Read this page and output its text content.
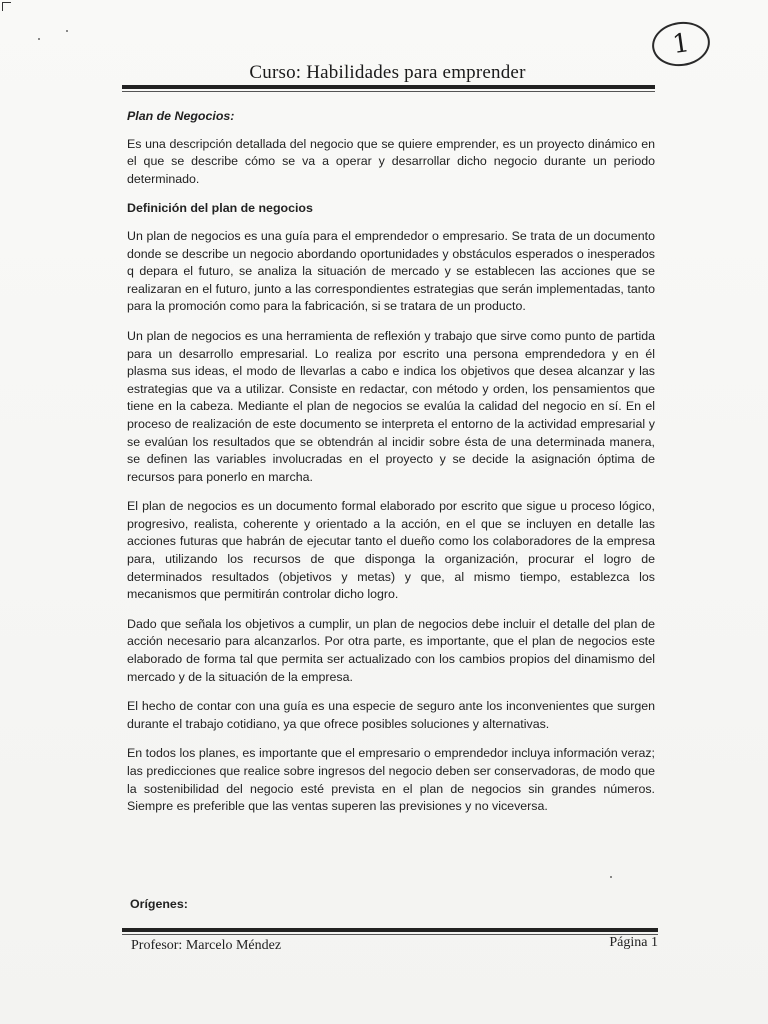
1
Curso: Habilidades para emprender
Plan de Negocios:

Es una descripción detallada del negocio que se quiere emprender, es un proyecto dinámico en el que se describe cómo se va a operar y desarrollar dicho negocio durante un periodo determinado.

Definición del plan de negocios

Un plan de negocios es una guía para el emprendedor o empresario. Se trata de un documento donde se describe un negocio abordando oportunidades y obstáculos esperados o inesperados q depara el futuro, se analiza la situación de mercado y se establecen las acciones que se realizaran en el futuro, junto a las correspondientes estrategias que serán implementadas, tanto para la promoción como para la fabricación, si se tratara de un producto.

Un plan de negocios es una herramienta de reflexión y trabajo que sirve como punto de partida para un desarrollo empresarial. Lo realiza por escrito una persona emprendedora y en él plasma sus ideas, el modo de llevarlas a cabo e indica los objetivos que desea alcanzar y las estrategias que va a utilizar. Consiste en redactar, con método y orden, los pensamientos que tiene en la cabeza. Mediante el plan de negocios se evalúa la calidad del negocio en sí. En el proceso de realización de este documento se interpreta el entorno de la actividad empresarial y se evalúan los resultados que se obtendrán al incidir sobre ésta de una determinada manera, se definen las variables involucradas en el proyecto y se decide la asignación óptima de recursos para ponerlo en marcha.

El plan de negocios es un documento formal elaborado por escrito que sigue u proceso lógico, progresivo, realista, coherente y orientado a la acción, en el que se incluyen en detalle las acciones futuras que habrán de ejecutar tanto el dueño como los colaboradores de la empresa para, utilizando los recursos de que disponga la organización, procurar el logro de determinados resultados (objetivos y metas) y que, al mismo tiempo, establezca los mecanismos que permitirán controlar dicho logro.

Dado que señala los objetivos a cumplir, un plan de negocios debe incluir el detalle del plan de acción necesario para alcanzarlos. Por otra parte, es importante, que el plan de negocios este elaborado de forma tal que permita ser actualizado con los cambios propios del dinamismo del mercado y de la situación de la empresa.

El hecho de contar con una guía es una especie de seguro ante los inconvenientes que surgen durante el trabajo cotidiano, ya que ofrece posibles soluciones y alternativas.

En todos los planes, es importante que el empresario o emprendedor incluya información veraz; las predicciones que realice sobre ingresos del negocio deben ser conservadoras, de modo que la sostenibilidad del negocio esté prevista en el plan de negocios sin grandes números. Siempre es preferible que las ventas superen las previsiones y no viceversa.

Orígenes:
Profesor: Marcelo Méndez	Página 1
